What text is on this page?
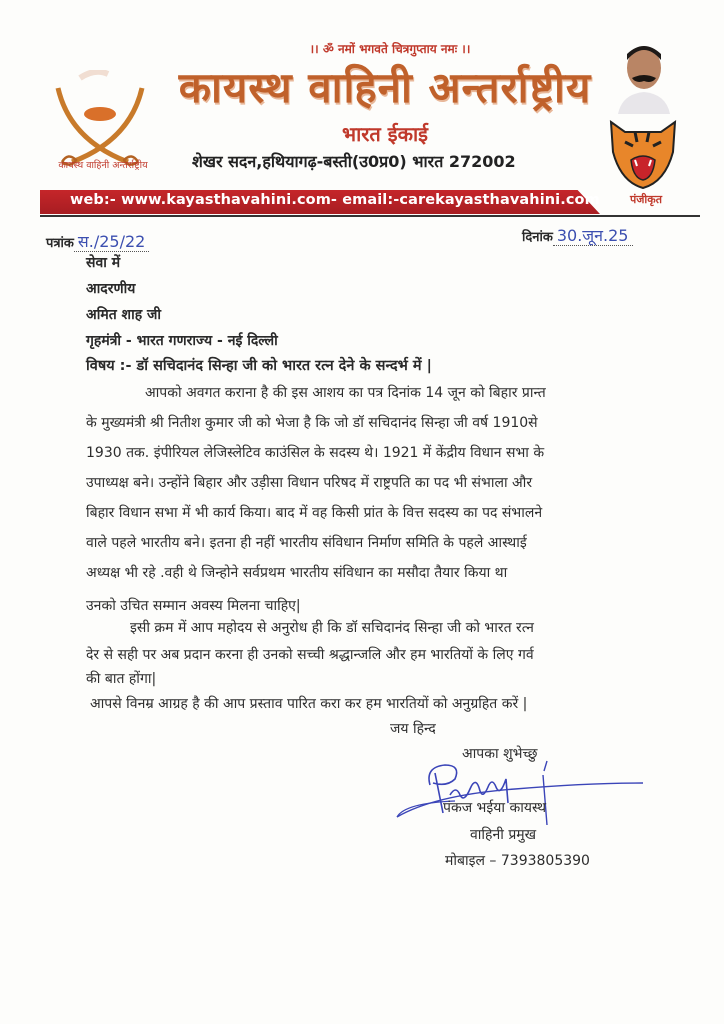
कायस्थ वाहिनी अन्तर्राष्ट्रीय
।। ॐ नमों भगवते चित्रगुप्ताय नमः ।।
कायस्थ वाहिनी अन्तर्राष्ट्रीय
भारत ईकाई
शेखर सदन,हथियागढ़-बस्ती(उ0प्र0) भारत 272002
web:- www.kayasthavahini.com- email:-carekayasthavahini.com	पंजीकृत
पत्रांक स./25/22	दिनांक 30.जून.25
सेवा में
आदरणीय
अमित शाह जी
गृहमंत्री - भारत गणराज्य - नई दिल्ली
विषय :- डॉ सचिदानंद सिन्हा जी को भारत रत्न देने के सन्दर्भ में |
आपको अवगत कराना है की इस आशय का पत्र दिनांक 14 जून को बिहार प्रान्त
के मुख्यमंत्री श्री नितीश कुमार जी को भेजा है कि जो डॉ सचिदानंद सिन्हा जी वर्ष 1910से
1930 तक. इंपीरियल लेजिस्लेटिव काउंसिल के सदस्य थे। 1921 में केंद्रीय विधान सभा के
उपाध्यक्ष बने। उन्होंने बिहार और उड़ीसा विधान परिषद में राष्ट्रपति का पद भी संभाला और
बिहार विधान सभा में भी कार्य किया। बाद में वह किसी प्रांत के वित्त सदस्य का पद संभालने
वाले पहले भारतीय बने। इतना ही नहीं भारतीय संविधान निर्माण समिति के पहले आस्थाई
अध्यक्ष भी रहे .वही थे जिन्होने सर्वप्रथम भारतीय संविधान का मसौदा तैयार किया था
उनको उचित सम्मान अवस्य मिलना चाहिए|
इसी क्रम में आप महोदय से अनुरोध ही कि डॉ सचिदानंद सिन्हा जी को भारत रत्न
देर से सही पर अब प्रदान करना ही उनको सच्ची श्रद्धान्जलि और हम भारतियों के लिए गर्व
की बात होंगा|
आपसे विनम्र आग्रह है की आप प्रस्ताव पारित करा कर हम भारतियों को अनुग्रहित करें |
जय हिन्द
आपका शुभेच्छु
पंकज भईया कायस्थ
वाहिनी प्रमुख
मोबाइल – 7393805390
